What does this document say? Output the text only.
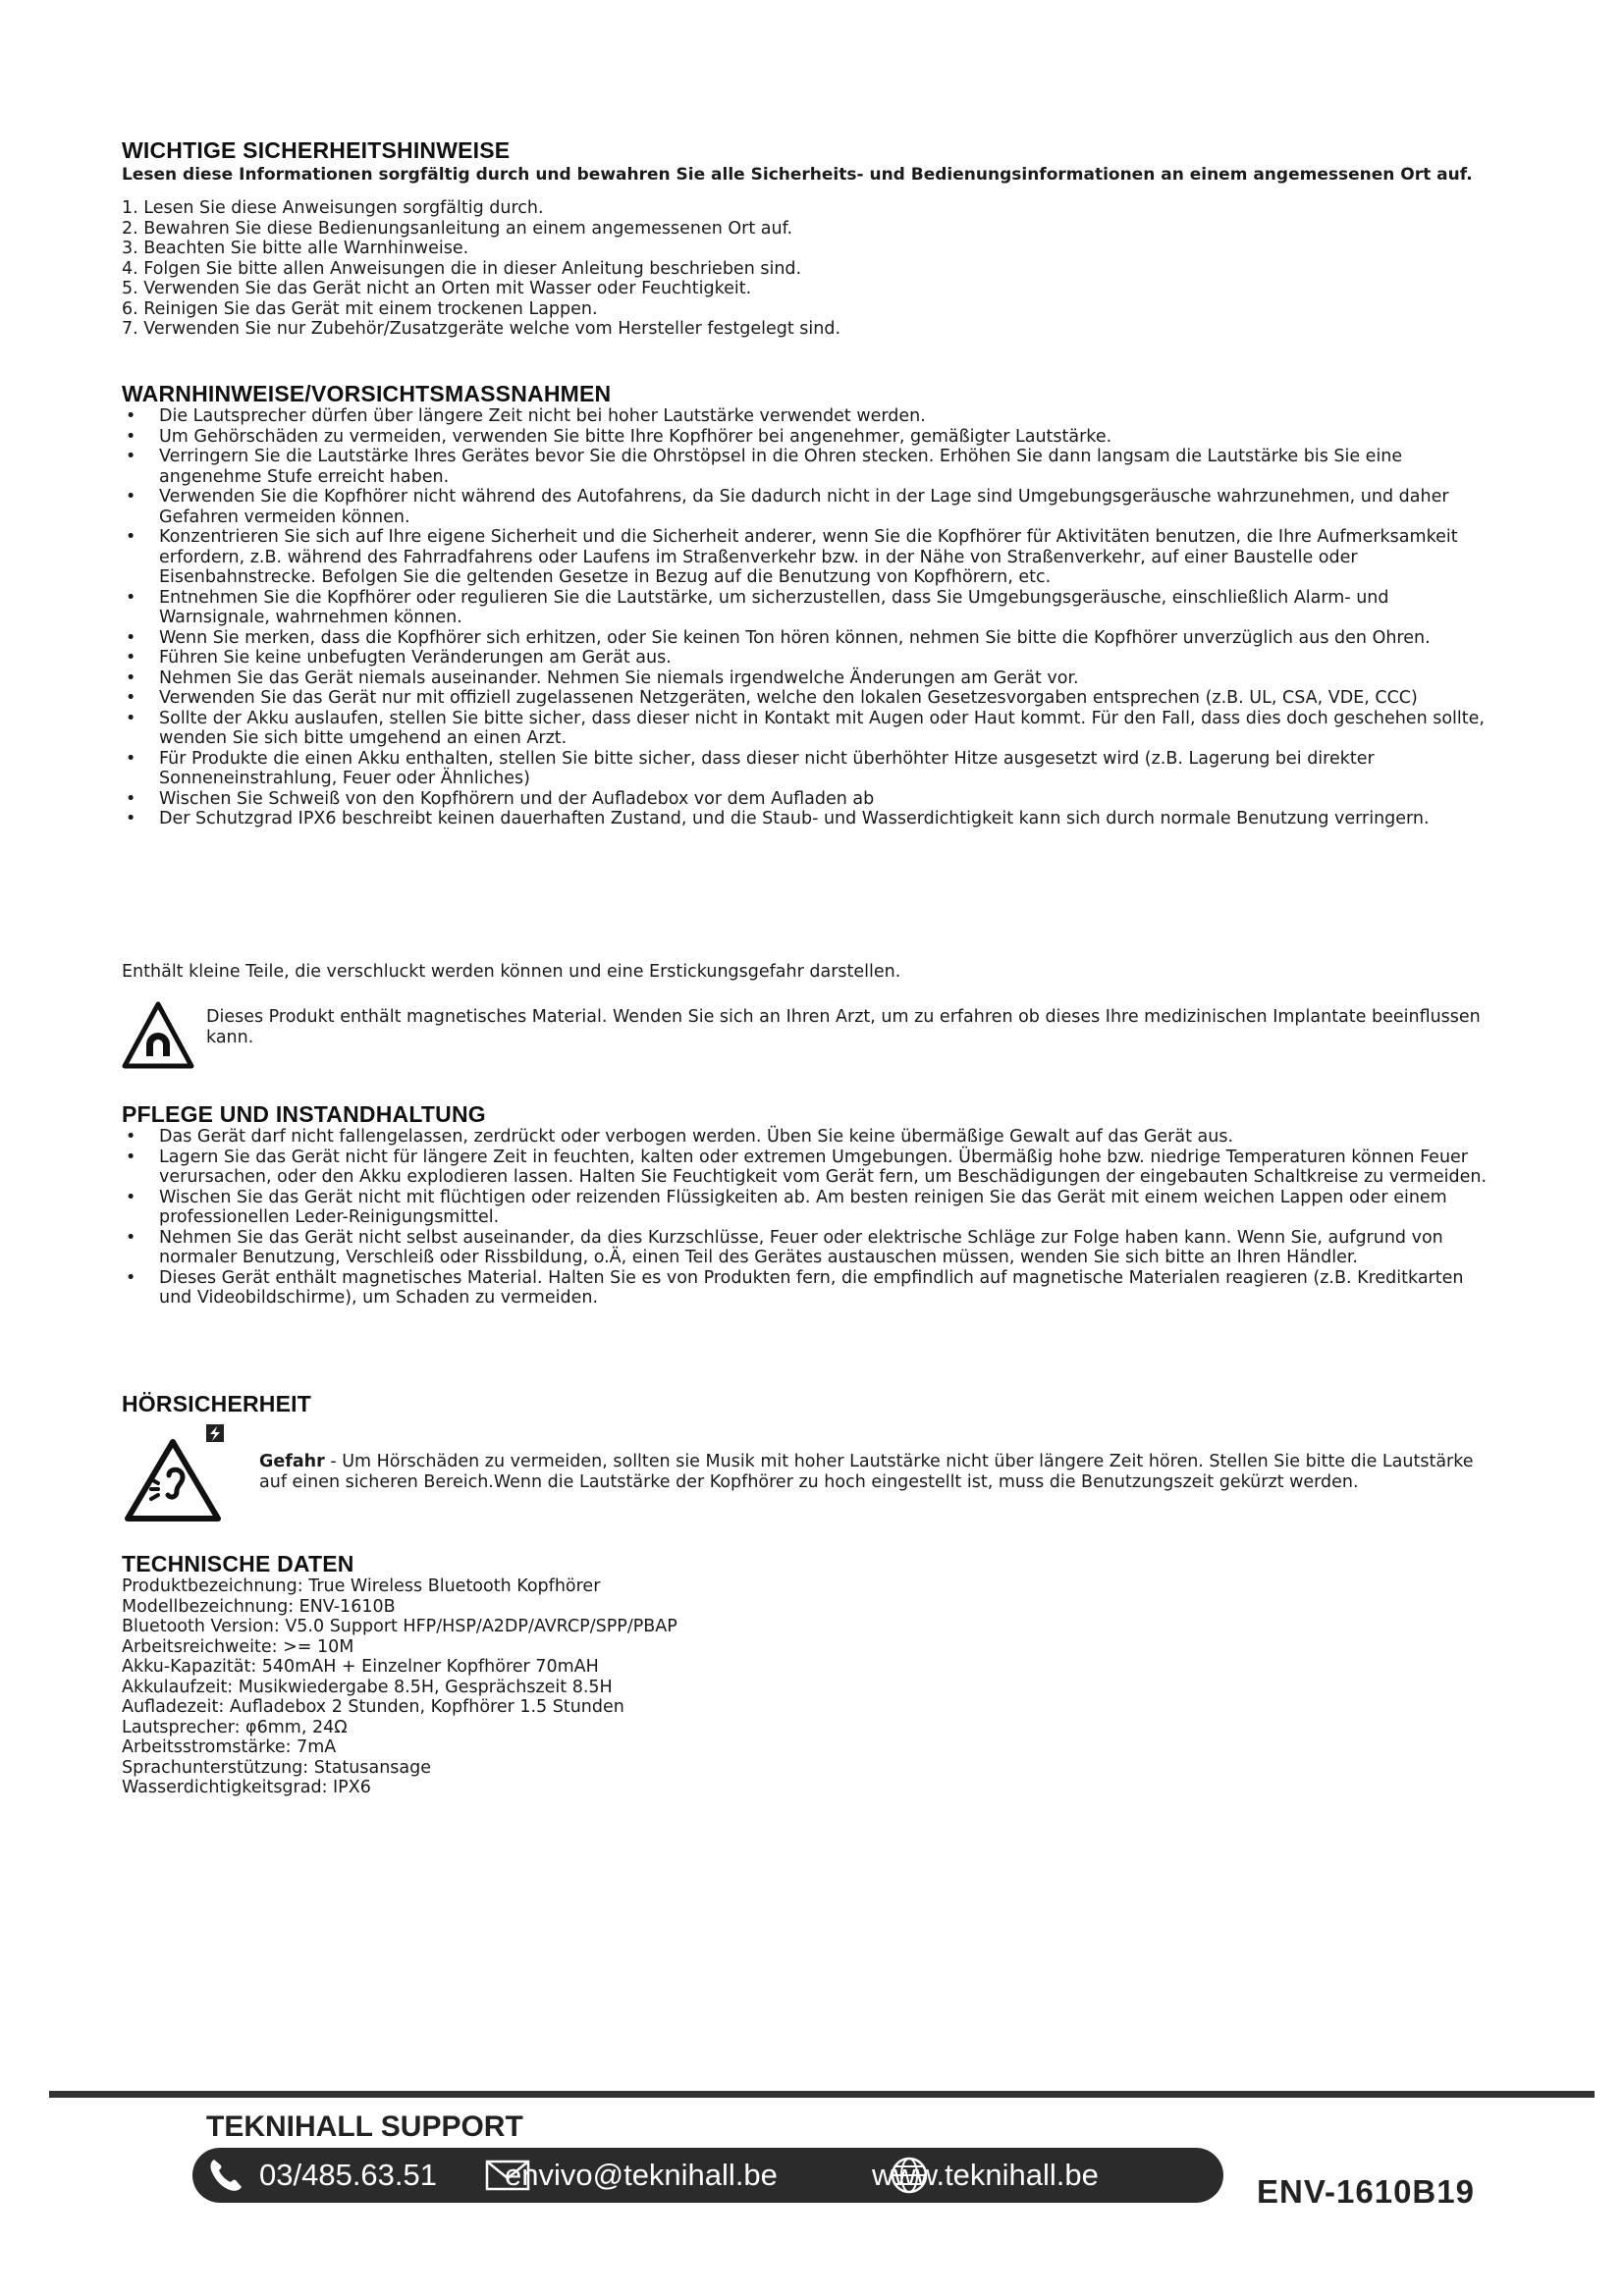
WICHTIGE SICHERHEITSHINWEISE

Lesen diese Informationen sorgfältig durch und bewahren Sie alle Sicherheits- und Bedienungsinformationen an einem angemessenen Ort auf.

1. Lesen Sie diese Anweisungen sorgfältig durch.
2. Bewahren Sie diese Bedienungsanleitung an einem angemessenen Ort auf.
3. Beachten Sie bitte alle Warnhinweise.
4. Folgen Sie bitte allen Anweisungen die in dieser Anleitung beschrieben sind.
5. Verwenden Sie das Gerät nicht an Orten mit Wasser oder Feuchtigkeit.
6. Reinigen Sie das Gerät mit einem trockenen Lappen.
7. Verwenden Sie nur Zubehör/Zusatzgeräte welche vom Hersteller festgelegt sind.
WARNHINWEISE/VORSICHTSMASSNAHMEN
• Die Lautsprecher dürfen über längere Zeit nicht bei hoher Lautstärke verwendet werden.
• Um Gehörschäden zu vermeiden, verwenden Sie bitte Ihre Kopfhörer bei angenehmer, gemäßigter Lautstärke.
• Verringern Sie die Lautstärke Ihres Gerätes bevor Sie die Ohrstöpsel in die Ohren stecken. Erhöhen Sie dann langsam die Lautstärke bis Sie eine angenehme Stufe erreicht haben.
• Verwenden Sie die Kopfhörer nicht während des Autofahrens, da Sie dadurch nicht in der Lage sind Umgebungsgeräusche wahrzunehmen, und daher Gefahren vermeiden können.
• Konzentrieren Sie sich auf Ihre eigene Sicherheit und die Sicherheit anderer, wenn Sie die Kopfhörer für Aktivitäten benutzen, die Ihre Aufmerksamkeit erfordern, z.B. während des Fahrradfahrens oder Laufens im Straßenverkehr bzw. in der Nähe von Straßenverkehr, auf einer Baustelle oder Eisenbahnstrecke. Befolgen Sie die geltenden Gesetze in Bezug auf die Benutzung von Kopfhörern, etc.
• Entnehmen Sie die Kopfhörer oder regulieren Sie die Lautstärke, um sicherzustellen, dass Sie Umgebungsgeräusche, einschließlich Alarm- und Warnsignale, wahrnehmen können.
• Wenn Sie merken, dass die Kopfhörer sich erhitzen, oder Sie keinen Ton hören können, nehmen Sie bitte die Kopfhörer unverzüglich aus den Ohren.
• Führen Sie keine unbefugten Veränderungen am Gerät aus.
• Nehmen Sie das Gerät niemals auseinander. Nehmen Sie niemals irgendwelche Änderungen am Gerät vor.
• Verwenden Sie das Gerät nur mit offiziell zugelassenen Netzgeräten, welche den lokalen Gesetzesvorgaben entsprechen (z.B. UL, CSA, VDE, CCC)
• Sollte der Akku auslaufen, stellen Sie bitte sicher, dass dieser nicht in Kontakt mit Augen oder Haut kommt. Für den Fall, dass dies doch geschehen sollte, wenden Sie sich bitte umgehend an einen Arzt.
• Für Produkte die einen Akku enthalten, stellen Sie bitte sicher, dass dieser nicht überhöhter Hitze ausgesetzt wird (z.B. Lagerung bei direkter Sonneneinstrahlung, Feuer oder Ähnliches)
• Wischen Sie Schweiß von den Kopfhörern und der Aufladebox vor dem Aufladen ab
• Der Schutzgrad IPX6 beschreibt keinen dauerhaften Zustand, und die Staub- und Wasserdichtigkeit kann sich durch normale Benutzung verringern.

Enthält kleine Teile, die verschluckt werden können und eine Erstickungsgefahr darstellen.

Dieses Produkt enthält magnetisches Material. Wenden Sie sich an Ihren Arzt, um zu erfahren ob dieses Ihre medizinischen Implantate beeinflussen kann.
PFLEGE UND INSTANDHALTUNG
• Das Gerät darf nicht fallengelassen, zerdrückt oder verbogen werden. Üben Sie keine übermäßige Gewalt auf das Gerät aus.
• Lagern Sie das Gerät nicht für längere Zeit in feuchten, kalten oder extremen Umgebungen. Übermäßig hohe bzw. niedrige Temperaturen können Feuer verursachen, oder den Akku explodieren lassen. Halten Sie Feuchtigkeit vom Gerät fern, um Beschädigungen der eingebauten Schaltkreise zu vermeiden.
• Wischen Sie das Gerät nicht mit flüchtigen oder reizenden Flüssigkeiten ab. Am besten reinigen Sie das Gerät mit einem weichen Lappen oder einem professionellen Leder-Reinigungsmittel.
• Nehmen Sie das Gerät nicht selbst auseinander, da dies Kurzschlüsse, Feuer oder elektrische Schläge zur Folge haben kann. Wenn Sie, aufgrund von normaler Benutzung, Verschleiß oder Rissbildung, o.Ä, einen Teil des Gerätes austauschen müssen, wenden Sie sich bitte an Ihren Händler.
• Dieses Gerät enthält magnetisches Material. Halten Sie es von Produkten fern, die empfindlich auf magnetische Materialen reagieren (z.B. Kreditkarten und Videobildschirme), um Schaden zu vermeiden.
HÖRSICHERHEIT
Gefahr - Um Hörschäden zu vermeiden, sollten sie Musik mit hoher Lautstärke nicht über längere Zeit hören. Stellen Sie bitte die Lautstärke auf einen sicheren Bereich.Wenn die Lautstärke der Kopfhörer zu hoch eingestellt ist, muss die Benutzungszeit gekürzt werden.
TECHNISCHE DATEN
Produktbezeichnung: True Wireless Bluetooth Kopfhörer
Modellbezeichnung: ENV-1610B
Bluetooth Version: V5.0 Support HFP/HSP/A2DP/AVRCP/SPP/PBAP
Arbeitsreichweite: >= 10M
Akku-Kapazität: 540mAH + Einzelner Kopfhörer 70mAH
Akkulaufzeit: Musikwiedergabe 8.5H, Gesprächszeit 8.5H
Aufladezeit: Aufladebox 2 Stunden, Kopfhörer 1.5 Stunden
Lautsprecher: φ6mm, 24Ω
Arbeitsstromstärke: 7mA
Sprachunterstützung: Statusansage
Wasserdichtigkeitsgrad: IPX6
TEKNIHALL SUPPORT
03/485.63.51 envivo@teknihall.be	www.teknihall.be	ENV-1610B19
